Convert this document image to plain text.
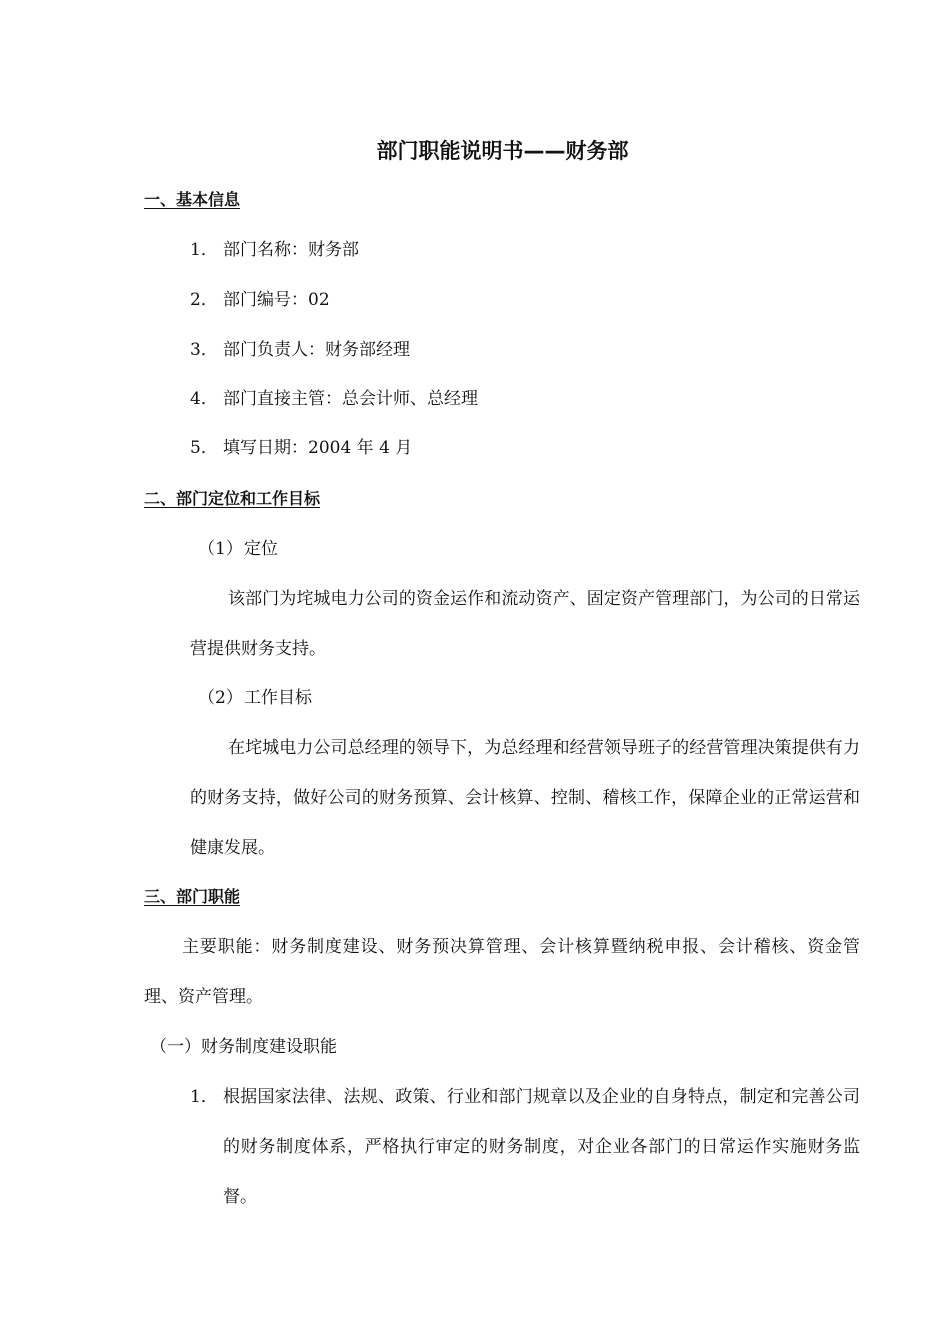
部门职能说明书——财务部
一、基本信息
1． 部门名称：财务部
2． 部门编号：02
3． 部门负责人：财务部经理
4． 部门直接主管：总会计师、总经理
5． 填写日期：2004 年 4 月
二、部门定位和工作目标
（1）定位
该部门为垞城电力公司的资金运作和流动资产、固定资产管理部门，为公司的日常运营提供财务支持。
（2）工作目标
在垞城电力公司总经理的领导下，为总经理和经营领导班子的经营管理决策提供有力的财务支持，做好公司的财务预算、会计核算、控制、稽核工作，保障企业的正常运营和健康发展。
三、部门职能
主要职能：财务制度建设、财务预决算管理、会计核算暨纳税申报、会计稽核、资金管理、资产管理。
（一）财务制度建设职能
1． 根据国家法律、法规、政策、行业和部门规章以及企业的自身特点，制定和完善公司的财务制度体系，严格执行审定的财务制度，对企业各部门的日常运作实施财务监督。
